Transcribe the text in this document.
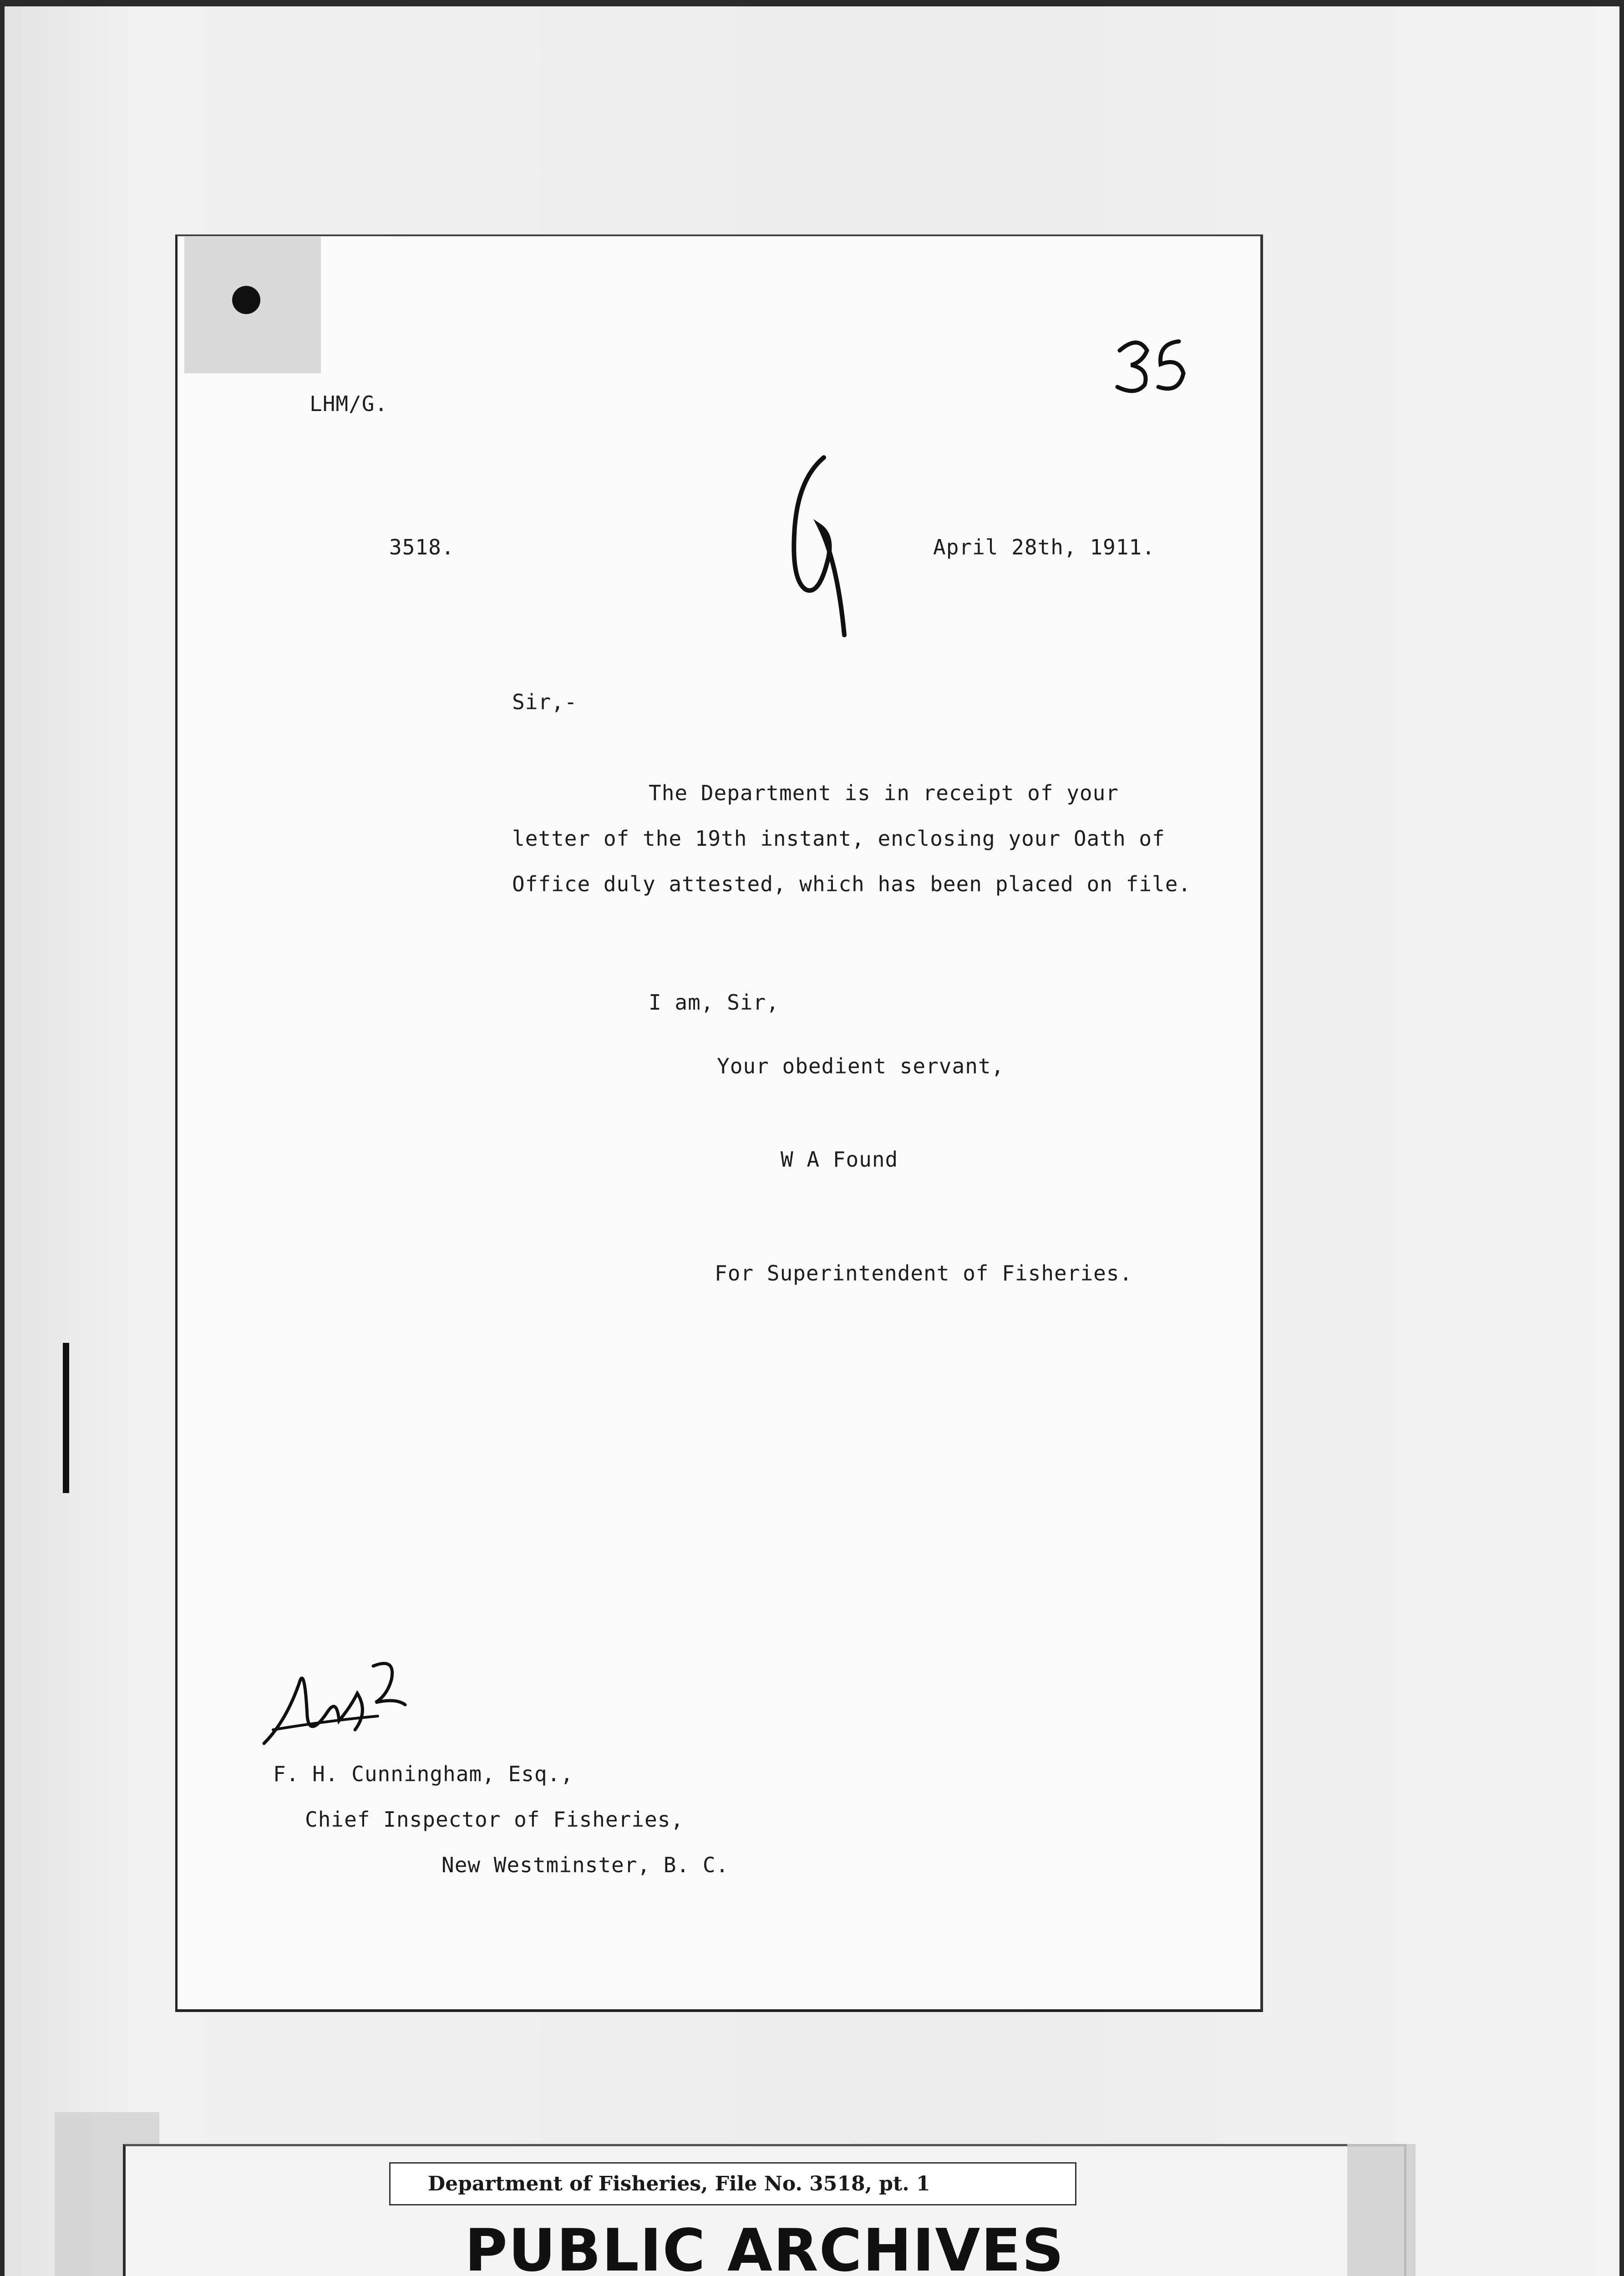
LHM/G.
3518.	April 28th, 1911.
Sir,-
The Department is in receipt of your
letter of the 19th instant, enclosing your Oath of
Office duly attested, which has been placed on file.
I am, Sir,
Your obedient servant,
W A Found
For Superintendent of Fisheries.
F. H. Cunningham, Esq.,
Chief Inspector of Fisheries,
New Westminster, B. C.
Department of Fisheries, File No. 3518, pt. 1
PUBLIC ARCHIVES
